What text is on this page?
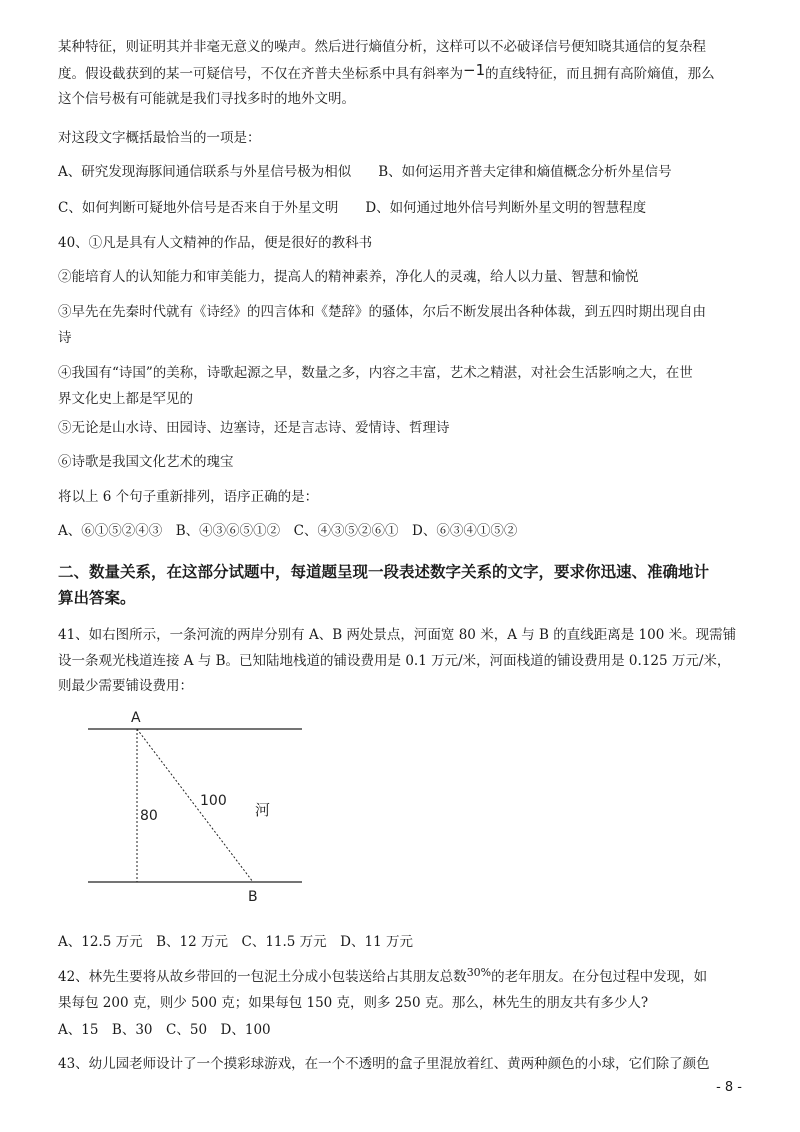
某种特征，则证明其并非毫无意义的噪声。然后进行熵值分析，这样可以不必破译信号便知晓其通信的复杂程
度。假设截获到的某一可疑信号，不仅在齐普夫坐标系中具有斜率为−1的直线特征，而且拥有高阶熵值，那么
这个信号极有可能就是我们寻找多时的地外文明。
对这段文字概括最恰当的一项是：
A、研究发现海豚间通信联系与外星信号极为相似　　B、如何运用齐普夫定律和熵值概念分析外星信号
C、如何判断可疑地外信号是否来自于外星文明　　D、如何通过地外信号判断外星文明的智慧程度
40、①凡是具有人文精神的作品，便是很好的教科书
②能培育人的认知能力和审美能力，提高人的精神素养，净化人的灵魂，给人以力量、智慧和愉悦
③早先在先秦时代就有《诗经》的四言体和《楚辞》的骚体，尔后不断发展出各种体裁，到五四时期出现自由
诗
④我国有“诗国”的美称，诗歌起源之早，数量之多，内容之丰富，艺术之精湛，对社会生活影响之大，在世
界文化史上都是罕见的
⑤无论是山水诗、田园诗、边塞诗，还是言志诗、爱情诗、哲理诗
⑥诗歌是我国文化艺术的瑰宝
将以上 6 个句子重新排列，语序正确的是：
A、⑥①⑤②④③　B、④③⑥⑤①②　C、④③⑤②⑥①　D、⑥③④①⑤②
二、数量关系，在这部分试题中，每道题呈现一段表述数字关系的文字，要求你迅速、准确地计
算出答案。
41、如右图所示，一条河流的两岸分别有 A、B 两处景点，河面宽 80 米，A 与 B 的直线距离是 100 米。现需铺
设一条观光栈道连接 A 与 B。已知陆地栈道的铺设费用是 0.1 万元/米，河面栈道的铺设费用是 0.125 万元/米，
则最少需要铺设费用：
A、12.5 万元　B、12 万元　C、11.5 万元　D、11 万元
42、林先生要将从故乡带回的一包泥土分成小包装送给占其朋友总数$^{30\%}$的老年朋友。在分包过程中发现，如
果每包 200 克，则少 500 克；如果每包 150 克，则多 250 克。那么，林先生的朋友共有多少人?
A、15　B、30　C、50　D、100
43、幼儿园老师设计了一个摸彩球游戏，在一个不透明的盒子里混放着红、黄两种颜色的小球，它们除了颜色
A
B
80
100 河
- 8 -
